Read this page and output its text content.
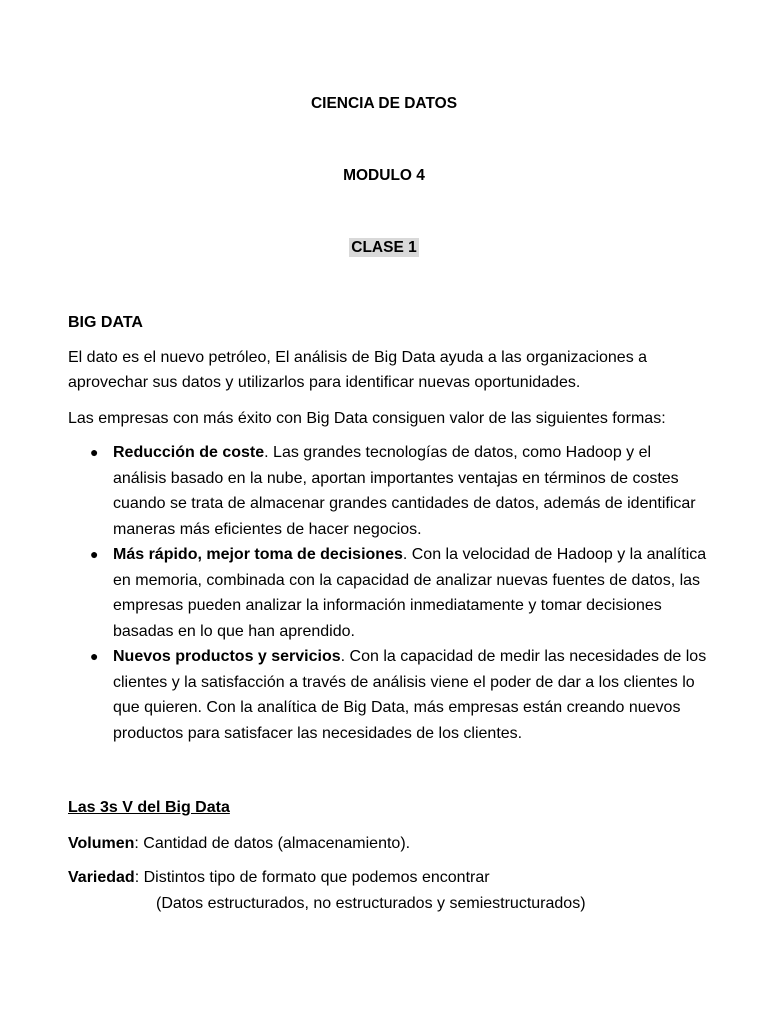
CIENCIA DE DATOS
MODULO 4
CLASE 1
BIG DATA
El dato es el nuevo petróleo, El análisis de Big Data ayuda a las organizaciones a aprovechar sus datos y utilizarlos para identificar nuevas oportunidades.
Las empresas con más éxito con Big Data consiguen valor de las siguientes formas:
● Reducción de coste. Las grandes tecnologías de datos, como Hadoop y el análisis basado en la nube, aportan importantes ventajas en términos de costes cuando se trata de almacenar grandes cantidades de datos, además de identificar maneras más eficientes de hacer negocios.
● Más rápido, mejor toma de decisiones. Con la velocidad de Hadoop y la analítica en memoria, combinada con la capacidad de analizar nuevas fuentes de datos, las empresas pueden analizar la información inmediatamente y tomar decisiones basadas en lo que han aprendido.
● Nuevos productos y servicios. Con la capacidad de medir las necesidades de los clientes y la satisfacción a través de análisis viene el poder de dar a los clientes lo que quieren. Con la analítica de Big Data, más empresas están creando nuevos productos para satisfacer las necesidades de los clientes.
Las 3s V del Big Data
Volumen: Cantidad de datos (almacenamiento).
Variedad: Distintos tipo de formato que podemos encontrar
(Datos estructurados, no estructurados y semiestructurados)
